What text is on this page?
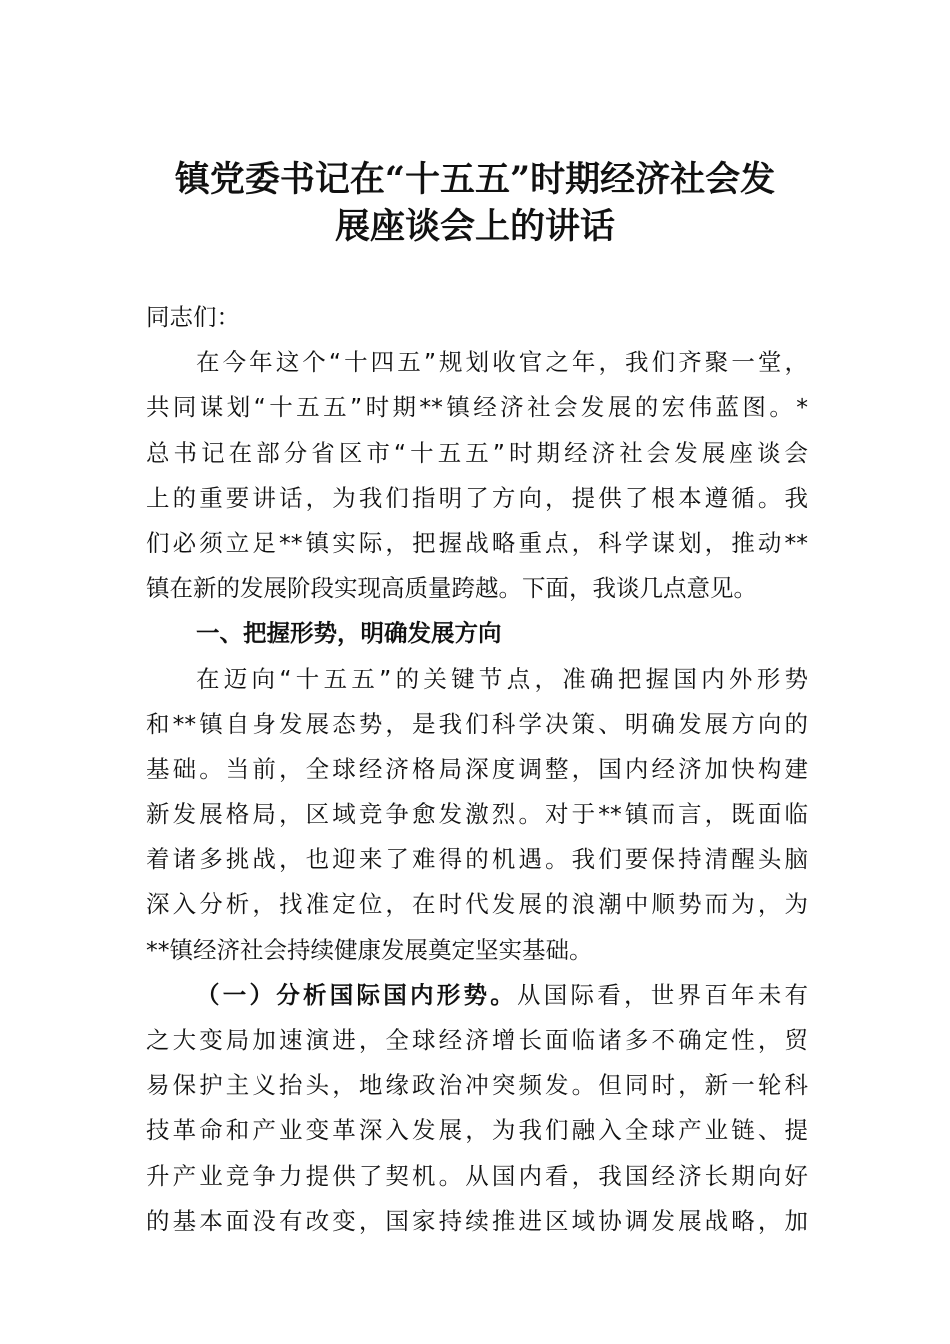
镇党委书记在“十五五”时期经济社会发
展座谈会上的讲话
同志们：
在今年这个“十四五”规划收官之年，我们齐聚一堂，
共同谋划“十五五”时期**镇经济社会发展的宏伟蓝图。*
总书记在部分省区市“十五五”时期经济社会发展座谈会
上的重要讲话，为我们指明了方向，提供了根本遵循。我
们必须立足**镇实际，把握战略重点，科学谋划，推动**
镇在新的发展阶段实现高质量跨越。下面，我谈几点意见。
一、把握形势，明确发展方向
在迈向“十五五”的关键节点，准确把握国内外形势
和**镇自身发展态势，是我们科学决策、明确发展方向的
基础。当前，全球经济格局深度调整，国内经济加快构建
新发展格局，区域竞争愈发激烈。对于**镇而言，既面临
着诸多挑战，也迎来了难得的机遇。我们要保持清醒头脑
深入分析，找准定位，在时代发展的浪潮中顺势而为，为
**镇经济社会持续健康发展奠定坚实基础。
（一）分析国际国内形势。从国际看，世界百年未有
之大变局加速演进，全球经济增长面临诸多不确定性，贸
易保护主义抬头，地缘政治冲突频发。但同时，新一轮科
技革命和产业变革深入发展，为我们融入全球产业链、提
升产业竞争力提供了契机。从国内看，我国经济长期向好
的基本面没有改变，国家持续推进区域协调发展战略，加
